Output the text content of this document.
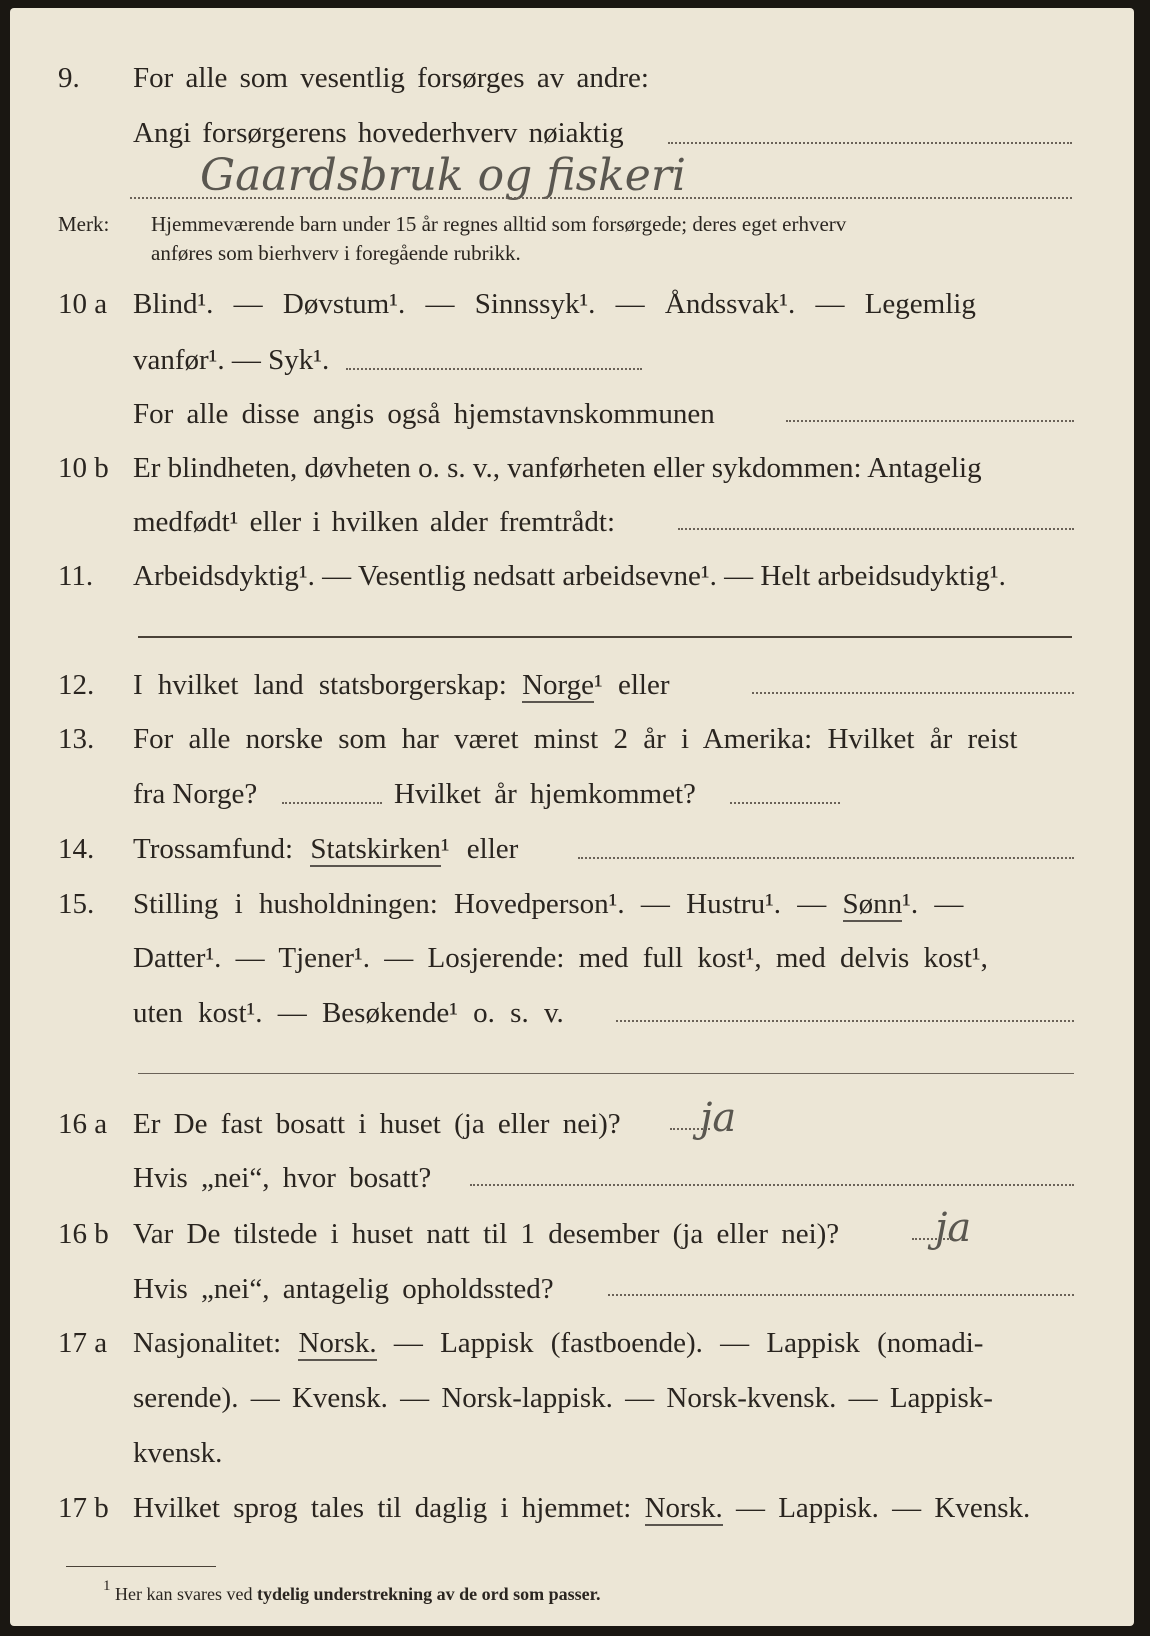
9. For alle som vesentlig forsørges av andre:
Angi forsørgerens hovederhverv nøiaktig
Gaardsbruk og fiskeri
Merk: Hjemmeværende barn under 15 år regnes alltid som forsørgede; deres eget erhverv
anføres som bierhverv i foregående rubrikk.
10 a Blind¹. — Døvstum¹. — Sinnssyk¹. — Åndssvak¹. — Legemlig
vanfør¹. — Syk¹.
For alle disse angis også hjemstavnskommunen
10 b Er blindheten, døvheten o. s. v., vanførheten eller sykdommen: Antagelig
medfødt¹ eller i hvilken alder fremtrådt:
11. Arbeidsdyktig¹. — Vesentlig nedsatt arbeidsevne¹. — Helt arbeidsudyktig¹.
12. I hvilket land statsborgerskap: Norge¹ eller
13. For alle norske som har været minst 2 år i Amerika: Hvilket år reist
fra Norge?	Hvilket år hjemkommet?
14. Trossamfund: Statskirken¹ eller
15. Stilling i husholdningen: Hovedperson¹. — Hustru¹. — Sønn¹. —
Datter¹. — Tjener¹. — Losjerende: med full kost¹, med delvis kost¹,
uten kost¹. — Besøkende¹ o. s. v.
16 a Er De fast bosatt i huset (ja eller nei)? ja
Hvis „nei“, hvor bosatt?
16 b Var De tilstede i huset natt til 1 desember (ja eller nei)? ja
Hvis „nei“, antagelig opholdssted?
17 a Nasjonalitet: Norsk. — Lappisk (fastboende). — Lappisk (nomadi-
serende). — Kvensk. — Norsk-lappisk. — Norsk-kvensk. — Lappisk-
kvensk.
17 b Hvilket sprog tales til daglig i hjemmet: Norsk. — Lappisk. — Kvensk.
$^1$ Her kan svares ved tydelig understrekning av de ord som passer.
